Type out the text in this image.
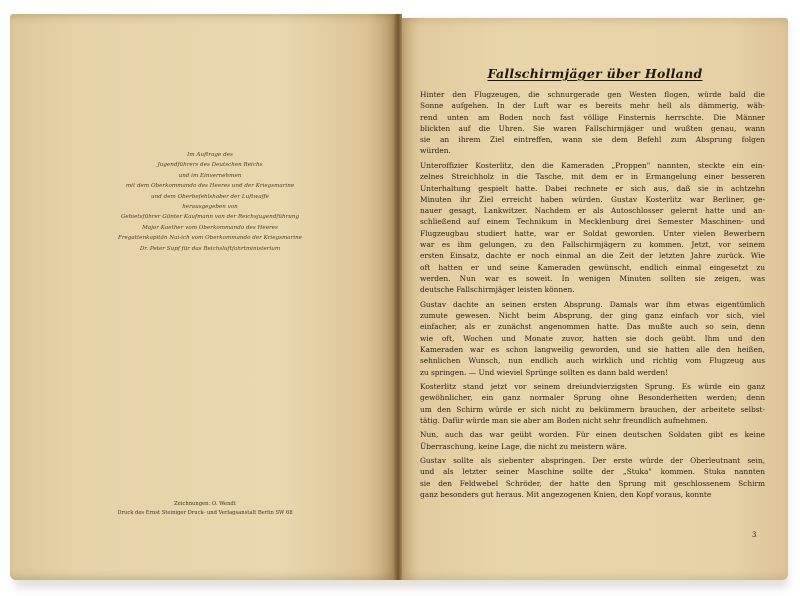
Im Auftrage des
Jugendführers des Deutschen Reichs
und im Einvernehmen
mit dem Oberkommando des Heeres und der Kriegsmarine
und dem Oberbefehlshaber der Luftwaffe
herausgegeben von
Gebietsführer Günter Kaufmann von der Reichsjugendführung
Major Kaether vom Oberkommando des Heeres
Fregattenkapitän Nai-ich vom Oberkommando der Kriegsmarine
Dr. Peter Supf für das Reichsluftfahrtministerium
Zeichnungen: O. Wendt
Druck des Ernst Steiniger Druck- und Verlagsanstalt Berlin SW 68
Fallschirmjäger über Holland
Hinter den Flugzeugen, die schnurgerade gen Westen flogen, würde bald die
Sonne aufgehen. In der Luft war es bereits mehr hell als dämmerig, wäh-
rend unten am Boden noch fast völlige Finsternis herrschte. Die Männer
blickten auf die Uhren. Sie waren Fallschirmjäger und wußten genau, wann
sie an ihrem Ziel eintreffen, wann sie dem Befehl zum Absprung folgen
würden.
Unteroffizier Kosterlitz, den die Kameraden „Proppen" nannten, steckte ein ein-
zelnes Streichholz in die Tasche, mit dem er in Ermangelung einer besseren
Unterhaltung gespielt hatte. Dabei rechnete er sich aus, daß sie in achtzehn
Minuten ihr Ziel erreicht haben würden. Gustav Kosterlitz war Berliner, ge-
nauer gesagt, Lankwitzer. Nachdem er als Autoschlosser gelernt hatte und an-
schließend auf einem Technikum in Mecklenburg drei Semester Maschinen- und
Flugzeugbau studiert hatte, war er Soldat geworden. Unter vielen Bewerbern
war es ihm gelungen, zu den Fallschirmjägern zu kommen. Jetzt, vor seinem
ersten Einsatz, dachte er noch einmal an die Zeit der letzten Jahre zurück. Wie
oft hatten er und seine Kameraden gewünscht, endlich einmal eingesetzt zu
werden. Nun war es soweit. In wenigen Minuten sollten sie zeigen, was
deutsche Fallschirmjäger leisten können.
Gustav dachte an seinen ersten Absprung. Damals war ihm etwas eigentümlich
zumute gewesen. Nicht beim Absprung, der ging ganz einfach vor sich, viel
einfacher, als er zunächst angenommen hatte. Das mußte auch so sein, denn
wie oft, Wochen und Monate zuvor, hatten sie doch geübt. Ihm und den
Kameraden war es schon langweilig geworden, und sie hatten alle den heißen,
sehnlichen Wunsch, nun endlich auch wirklich und richtig vom Flugzeug aus
zu springen. — Und wieviel Sprünge sollten es dann bald werden!
Kosterlitz stand jetzt vor seinem dreiundvierzigsten Sprung. Es würde ein ganz
gewöhnlicher, ein ganz normaler Sprung ohne Besonderheiten werden; denn
um den Schirm würde er sich nicht zu bekümmern brauchen, der arbeitete selbst-
tätig. Dafür würde man sie aber am Boden nicht sehr freundlich aufnehmen.
Nun, auch das war geübt worden. Für einen deutschen Soldaten gibt es keine
Überraschung, keine Lage, die nicht zu meistern wäre.
Gustav sollte als siebenter abspringen. Der erste würde der Oberleutnant sein,
und als letzter seiner Maschine sollte der „Stuka" kommen. Stuka nannten
sie den Feldwebel Schröder, der hatte den Sprung mit geschlossenem Schirm
ganz besonders gut heraus. Mit angezogenen Knien, den Kopf voraus, konnte
3
